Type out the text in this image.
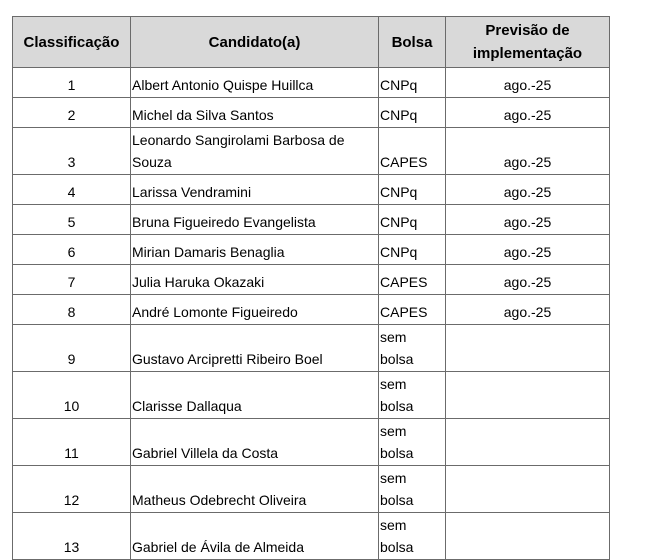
Classificação	Candidato(a)	Bolsa	Previsão de implementação
1	Albert Antonio Quispe Huillca	CNPq	ago.-25
2	Michel da Silva Santos	CNPq	ago.-25
3	Leonardo Sangirolami Barbosa de Souza	CAPES	ago.-25
4	Larissa Vendramini	CNPq	ago.-25
5	Bruna Figueiredo Evangelista	CNPq	ago.-25
6	Mirian Damaris Benaglia	CNPq	ago.-25
7	Julia Haruka Okazaki	CAPES	ago.-25
8	André Lomonte Figueiredo	CAPES	ago.-25
9	Gustavo Arcipretti Ribeiro Boel	sem bolsa	
10	Clarisse Dallaqua	sem bolsa	
11	Gabriel Villela da Costa	sem bolsa	
12	Matheus Odebrecht Oliveira	sem bolsa	
13	Gabriel de Ávila de Almeida	sem bolsa	
